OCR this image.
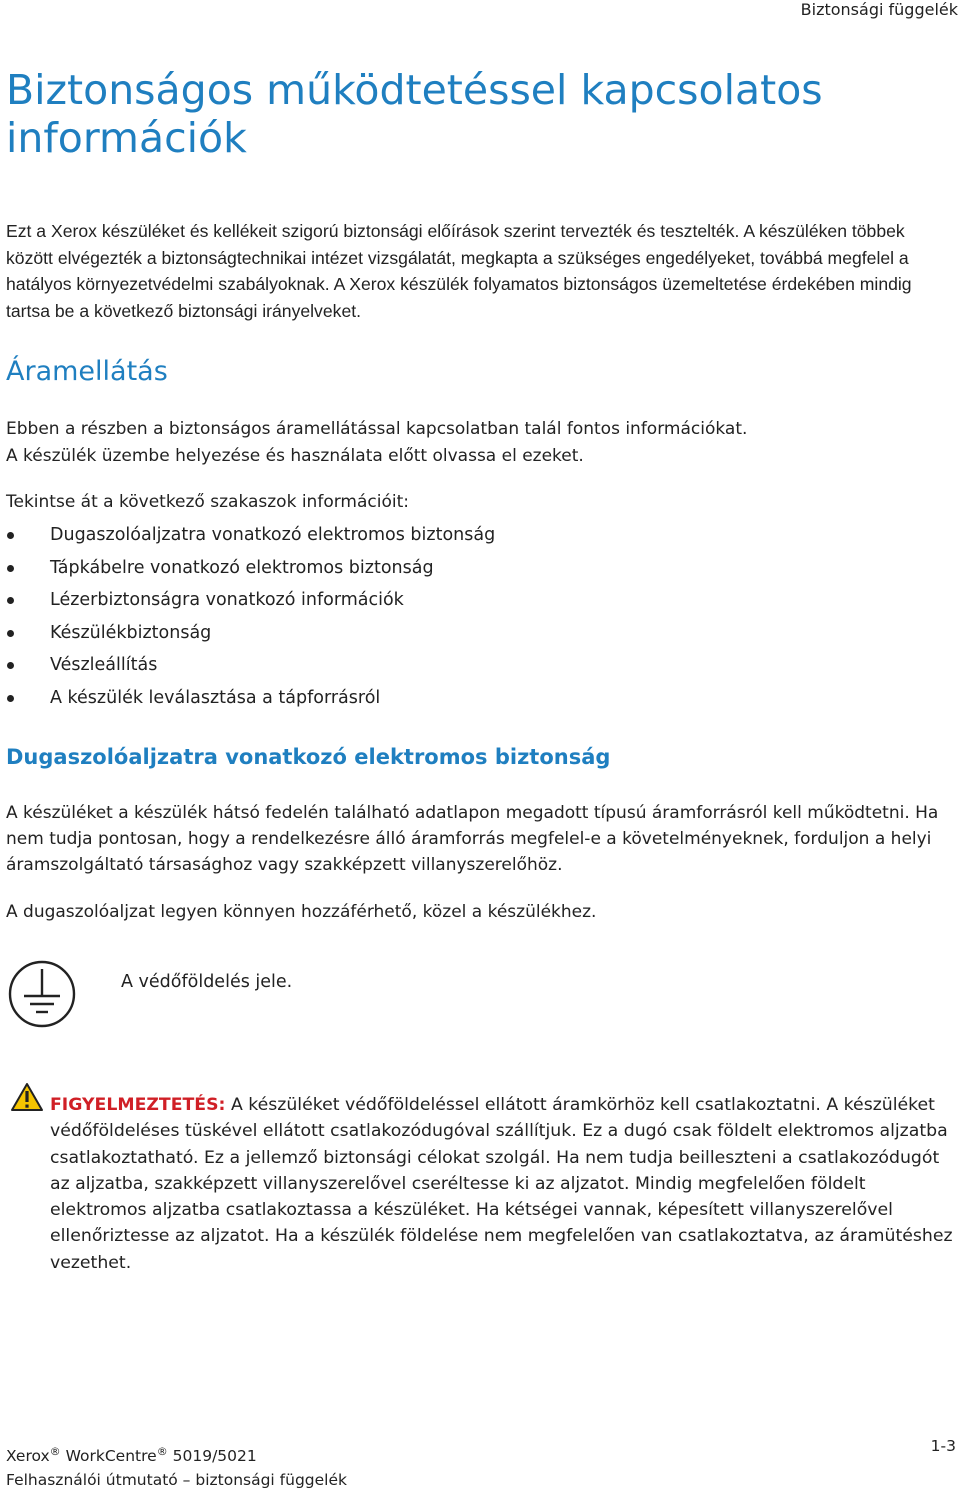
Biztonsági függelék
Biztonságos működtetéssel kapcsolatos információk
Ezt a Xerox készüléket és kellékeit szigorú biztonsági előírások szerint tervezték és tesztelték. A készüléken többek között elvégezték a biztonságtechnikai intézet vizsgálatát, megkapta a szükséges engedélyeket, továbbá megfelel a hatályos környezetvédelmi szabályoknak. A Xerox készülék folyamatos biztonságos üzemeltetése érdekében mindig tartsa be a következő biztonsági irányelveket.
Áramellátás
Ebben a részben a biztonságos áramellátással kapcsolatban talál fontos információkat.
A készülék üzembe helyezése és használata előtt olvassa el ezeket.
Tekintse át a következő szakaszok információit:
Dugaszolóaljzatra vonatkozó elektromos biztonság
Tápkábelre vonatkozó elektromos biztonság
Lézerbiztonságra vonatkozó információk
Készülékbiztonság
Vészleállítás
A készülék leválasztása a tápforrásról
Dugaszolóaljzatra vonatkozó elektromos biztonság
A készüléket a készülék hátsó fedelén található adatlapon megadott típusú áramforrásról kell működtetni. Ha nem tudja pontosan, hogy a rendelkezésre álló áramforrás megfelel-e a követelményeknek, forduljon a helyi áramszolgáltató társasághoz vagy szakképzett villanyszerelőhöz.
A dugaszolóaljzat legyen könnyen hozzáférhető, közel a készülékhez.
A védőföldelés jele.
FIGYELMEZTETÉS: A készüléket védőföldeléssel ellátott áramkörhöz kell csatlakoztatni. A készüléket védőföldeléses tüskével ellátott csatlakozódugóval szállítjuk. Ez a dugó csak földelt elektromos aljzatba csatlakoztatható. Ez a jellemző biztonsági célokat szolgál. Ha nem tudja beilleszteni a csatlakozódugót az aljzatba, szakképzett villanyszerelővel cseréltesse ki az aljzatot. Mindig megfelelően földelt elektromos aljzatba csatlakoztassa a készüléket. Ha kétségei vannak, képesített villanyszerelővel ellenőriztesse az aljzatot. Ha a készülék földelése nem megfelelően van csatlakoztatva, az áramütéshez vezethet.
Xerox® WorkCentre® 5019/5021
Felhasználói útmutató – biztonsági függelék
1-3
